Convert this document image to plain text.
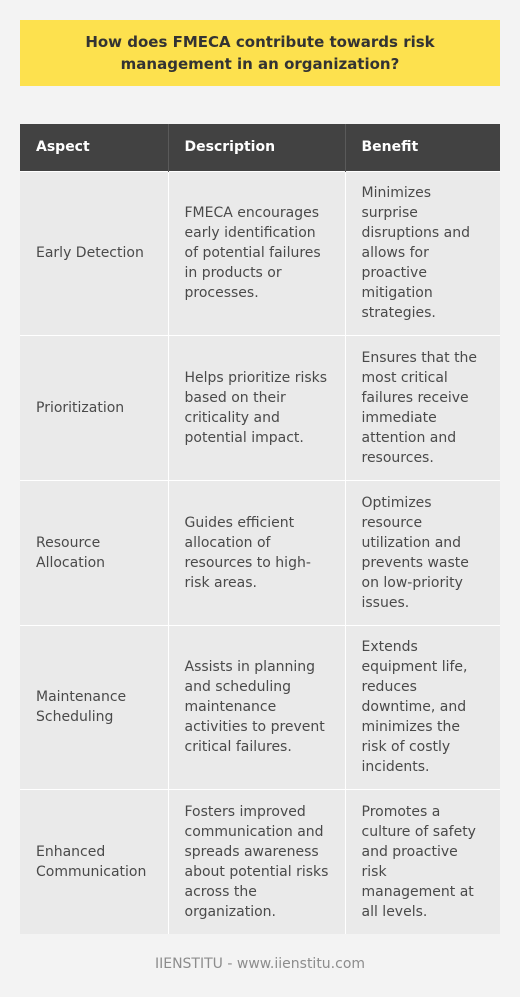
How does FMECA contribute towards risk management in an organization?
Aspect	Description	Benefit
Early Detection	FMECA encourages early identification of potential failures in products or processes.	Minimizes surprise disruptions and allows for proactive mitigation strategies.
Prioritization	Helps prioritize risks based on their criticality and potential impact.	Ensures that the most critical failures receive immediate attention and resources.
Resource Allocation	Guides efficient allocation of resources to high-risk areas.	Optimizes resource utilization and prevents waste on low-priority issues.
Maintenance Scheduling	Assists in planning and scheduling maintenance activities to prevent critical failures.	Extends equipment life, reduces downtime, and minimizes the risk of costly incidents.
Enhanced Communication	Fosters improved communication and spreads awareness about potential risks across the organization.	Promotes a culture of safety and proactive risk management at all levels.
IIENSTITU - www.iienstitu.com
